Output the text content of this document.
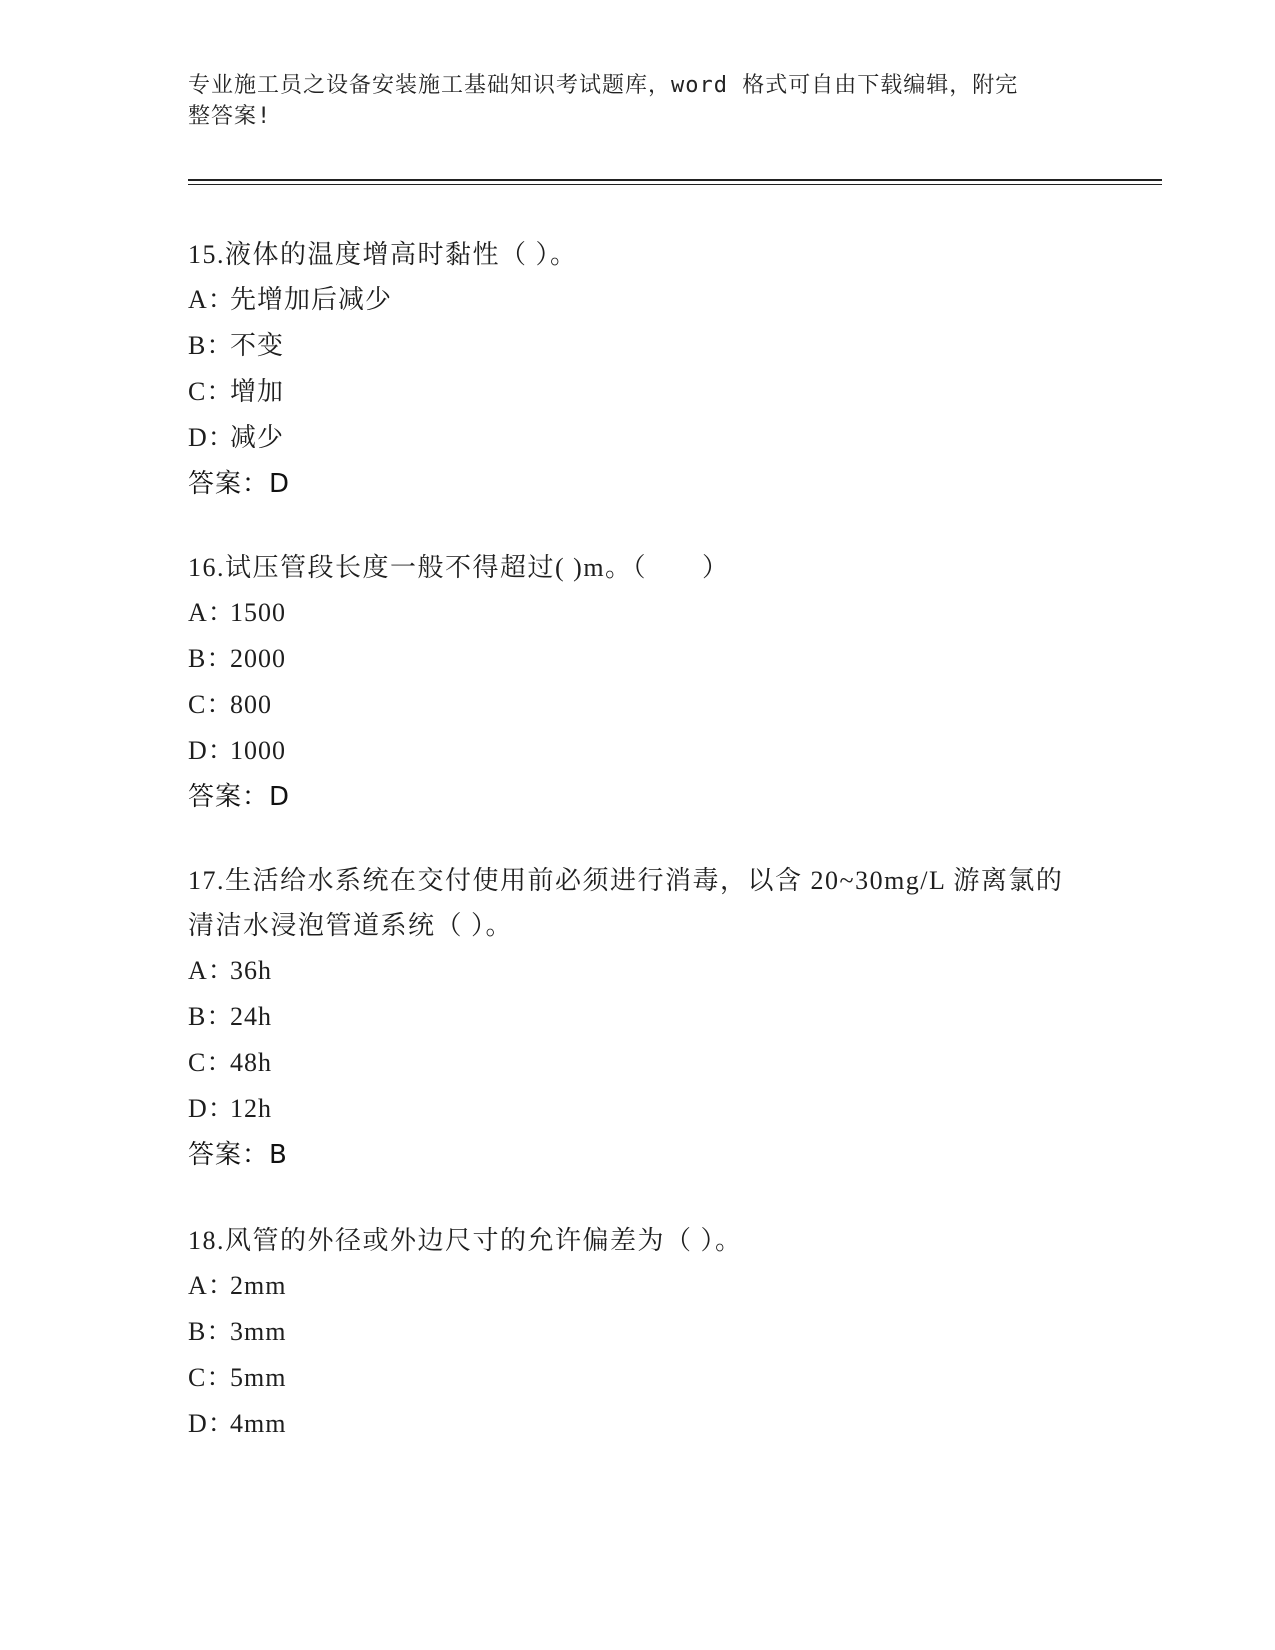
专业施工员之设备安装施工基础知识考试题库，word 格式可自由下载编辑，附完
整答案!
15.液体的温度增高时黏性（ ）。
A：先增加后减少
B：不变
C：增加
D：减少
答案：D
16.试压管段长度一般不得超过( )m。（　　）
A：1500
B：2000
C：800
D：1000
答案：D
17.生活给水系统在交付使用前必须进行消毒，以含 20~30mg/L 游离氯的清洁水浸泡管道系统（ ）。
A：36h
B：24h
C：48h
D：12h
答案：B
18.风管的外径或外边尺寸的允许偏差为（ ）。
A：2mm
B：3mm
C：5mm
D：4mm
